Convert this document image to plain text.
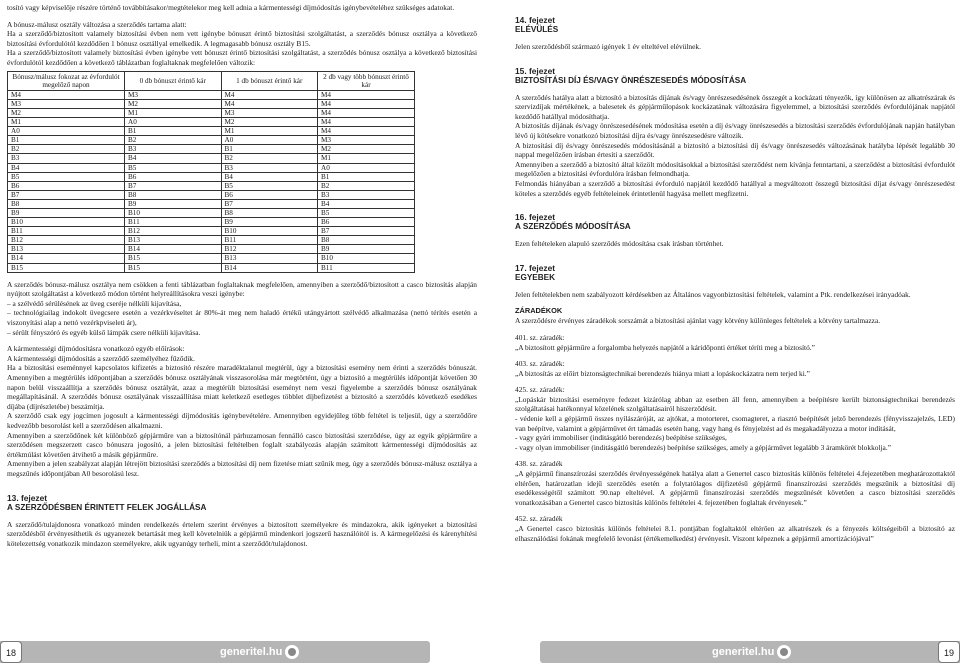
tosító vagy képviselője részére történő továbbításakor/megtételekor meg kell adnia a kármentességi díjmódosítás igénybevételéhez szükséges adatokat.

A bónusz-málusz osztály változása a szerződés tartama alatt:

Ha a szerződő/biztosított valamely biztosítási évben nem vett igénybe bónuszt érintő biztosítási szolgáltatást, a szerződés bónusz osztálya a következő biztosítási évfordulótól kezdődően 1 bónusz osztállyal emelkedik. A legmagasabb bónusz osztály B15.

Ha a szerződő/biztosított valamely biztosítási évben igénybe vett bónuszt érintő biztosítási szolgáltatást, a szerződés bónusz osztálya a következő biztosítási évfordulótól kezdődően a következő táblázatban foglaltaknak megfelelően változik:

Bónusz/málusz fokozat az évfordulót megelőző napon	0 db bónuszt érintő kár	1 db bónuszt érintő kár	2 db vagy több bónuszt érintő kár
M4	M3	M4	M4
M3	M2	M4	M4
M2	M1	M3	M4
M1	A0	M2	M4
A0	B1	M1	M4
B1	B2	A0	M3
B2	B3	B1	M2
B3	B4	B2	M1
B4	B5	B3	A0
B5	B6	B4	B1
B6	B7	B5	B2
B7	B8	B6	B3
B8	B9	B7	B4
B9	B10	B8	B5
B10	B11	B9	B6
B11	B12	B10	B7
B12	B13	B11	B8
B13	B14	B12	B9
B14	B15	B13	B10
B15	B15	B14	B11

A szerződés bónusz-málusz osztálya nem csökken a fenti táblázatban foglaltaknak megfelelően, amennyiben a szerződő/biztosított a casco biztosítás alapján nyújtott szolgáltatást a következő módon történt helyreállításokra veszi igénybe:

– a szélvédő sérülésének az üveg cseréje nélküli kijavítása,

– technológiailag indokolt üvegcsere esetén a vezérkvéseltet ár 80%-át meg nem haladó értékű utángyártott szélvédő alkalmazása (nettó térítés esetén a viszonyítási alap a nettó vezérkpviseleti ár),

– sérült fényszóró és egyéb külső lámpák csere nélküli kijavítása.

A kármentességi díjmódosításra vonatkozó egyéb előírások:

A kármentességi díjmódosítás a szerződő személyéhez fűződik.

Ha a biztosítási eseménnyel kapcsolatos kifizetés a biztosító részére maradéktalanul megtérül, úgy a biztosítási esemény nem érinti a szerződés bónuszát. Amennyiben a megtérülés időpontjában a szerződés bónusz osztályának visszasorolása már megtörtént, úgy a biztosító a megtérülés időpontját követően 30 napon belül visszaállítja a szerződés bónusz osztályát, azaz a megtérült biztosítási eseményt nem veszi figyelembe a szerződés bónusz osztályának megállapításánál. A szerződés bónusz osztályának visszaállítása miatt keletkező esetleges többlet díjbefizetést a biztosító a szerződés következő esedékes díjába (díjrészletébe) beszámítja.

A szerződő csak egy jogcímen jogosult a kármentességi díjmódosítás igénybevételére. Amennyiben egyidejűleg több feltétel is teljesül, úgy a szerződőre kedvezőbb besorolást kell a szerződésen alkalmazni.

Amennyiben a szerződőnek két különböző gépjárműre van a biztosítónál párhuzamosan fennálló casco biztosítási szerződése, úgy az egyik gépjárműre a szerződésen megszerzett casco bónuszra jogosító, a jelen biztosítási feltételben foglalt szabályozás alapján számított kármentességi díjmódosítás az értékmúlást követően átvihető a másik gépjárműre.

Amennyiben a jelen szabályzat alapján létrejött biztosítási szerződés a biztosítási díj nem fizetése miatt szűnik meg, úgy a szerződés bónusz-málusz osztálya a megszűnés időpontjában A0 besorolású lesz.

13. fejezet
A SZERZŐDÉSBEN ÉRINTETT FELEK JOGÁLLÁSA

A szerződő/tulajdonosra vonatkozó minden rendelkezés értelem szerint érvényes a biztosított személyekre és mindazokra, akik igényeket a biztosítási szerződésből érvényesíthetik és ugyanezek betartását meg kell követelniük a gépjármű mindenkori jogszerű használóitól is. A kármegelőzési és kárenyhítési kötelezettség vonatkozik mindazon személyekre, akik ugyanúgy terheli, mint a szerződőt/tulajdonost.

14. fejezet
ELÉVÜLÉS

Jelen szerződésből származó igények 1 év elteltével elévülnek.

15. fejezet
BIZTOSÍTÁSI DÍJ ÉS/VAGY ÖNRÉSZESEDÉS MÓDOSÍTÁSA

A szerződés hatálya alatt a biztosító a biztosítás díjának és/vagy önrészesedésének összegét a kockázati tényezők, így különösen az alkatrészárak és szervizdíjak mértékének, a balesetek és gépjárműlopások kockázatának változására figyelemmel, a biztosítási szerződés évfordulójának napjától kezdődő hatállyal módosíthatja.

A biztosítás díjának és/vagy önrészesedésének módosítása esetén a díj és/vagy önrészesedés a biztosítási szerződés évfordulójának napján hatályban lévő új kötésekre vonatkozó biztosítási díjra és/vagy önrészesedésre változik.

A biztosítási díj és/vagy önrészesedés módosításánál a biztosító a biztosítási díj és/vagy önrészesedés változásának hatályba lépését legalább 30 nappal megelőzően írásban értesíti a szerződőt.

Amennyiben a szerződő a biztosító által közölt módosításokkal a biztosítási szerződést nem kívánja fenntartani, a szerződést a biztosítási évfordulót megelőzően a biztosítási évfordulóra írásban felmondhatja.

Felmondás hiányában a szerződő a biztosítási évforduló napjától kezdődő hatállyal a megváltozott összegű biztosítási díjat és/vagy önrészesedést köteles a szerződés egyéb feltételeinek érintetlenül hagyása mellett megfizetni.

16. fejezet
A SZERZŐDÉS MÓDOSÍTÁSA

Ezen feltételeken alapuló szerződés módosítása csak írásban történhet.

17. fejezet
EGYEBEK

Jelen feltételekben nem szabályozott kérdésekben az Általános vagyonbiztosítási feltételek, valamint a Ptk. rendelkezései irányadóak.

ZÁRADÉKOK

A szerződésre érvényes záradékok sorszámát a biztosítási ajánlat vagy kötvény különleges feltételek a kötvény tartalmazza.

401. sz. záradék:

„A biztosított gépjárműre a forgalomba helyezés napjától a káridőponti értéket téríti meg a biztosító.”

403. sz. záradék:

„A biztosítás az előírt biztonságtechnikai berendezés hiánya miatt a lopáskockázatra nem terjed ki.”

425. sz. záradék:

„Lopáskár biztosítási eseményre fedezet kizárólag abban az esetben áll fenn, amennyiben a beépítésre került biztonságtechnikai berendezés szolgáltatásai hatékonnyal közelének szolgáltatásairól hiszerződésit.

- védenie kell a gépjármű összes nyílászáróját, az ajtókat, a motorteret, csomagteret, a riasztó beépítését jelző berendezés (fényvisszajelzés, LED) van beépítve, valamint a gépjárművet ért támadás esetén hang, vagy hang és fényjelzést ad és megakadályozza a motor indítását,

- vagy gyári immobiliser (inditásgátló berendezés) beépítése szükséges,

- vagy olyan immobiliser (inditásgátló berendezés) beépítése szükséges, amely a gépjárművet legalább 3 áramkörét blokkolja.”

438. sz. záradék

„A gépjármű finanszírozási szerződés érvényességének hatálya alatt a Genertel casco biztosítás különös feltételei 4.fejezetében meghatározottaktól eltérően, határozatlan idejű szerződés esetén a folytatólagos díjfizetésű gépjármű finanszírozási szerződés megszűnik a biztosítási díj esedékességétől számított 90.nap elteltével. A gépjármű finanszírozási szerződés megszűnését követően a casco biztosítási szerződés vonatkozásában a Genertel casco biztosítás különös feltételei 4. fejezetében foglaltak érvényesek.”

452. sz. záradék

„A Genertel casco biztosítás különös feltételei 8.1. pontjában foglaltaktól eltérően az alkatrészek és a fényezés költségeiből a biztosító az elhasználódási fokának megfelelő levonást (értékemelkedést) érvényesít. Viszont képeznek a gépjármű amortizációjával”

18	19
generitel.hu	generitel.hu
